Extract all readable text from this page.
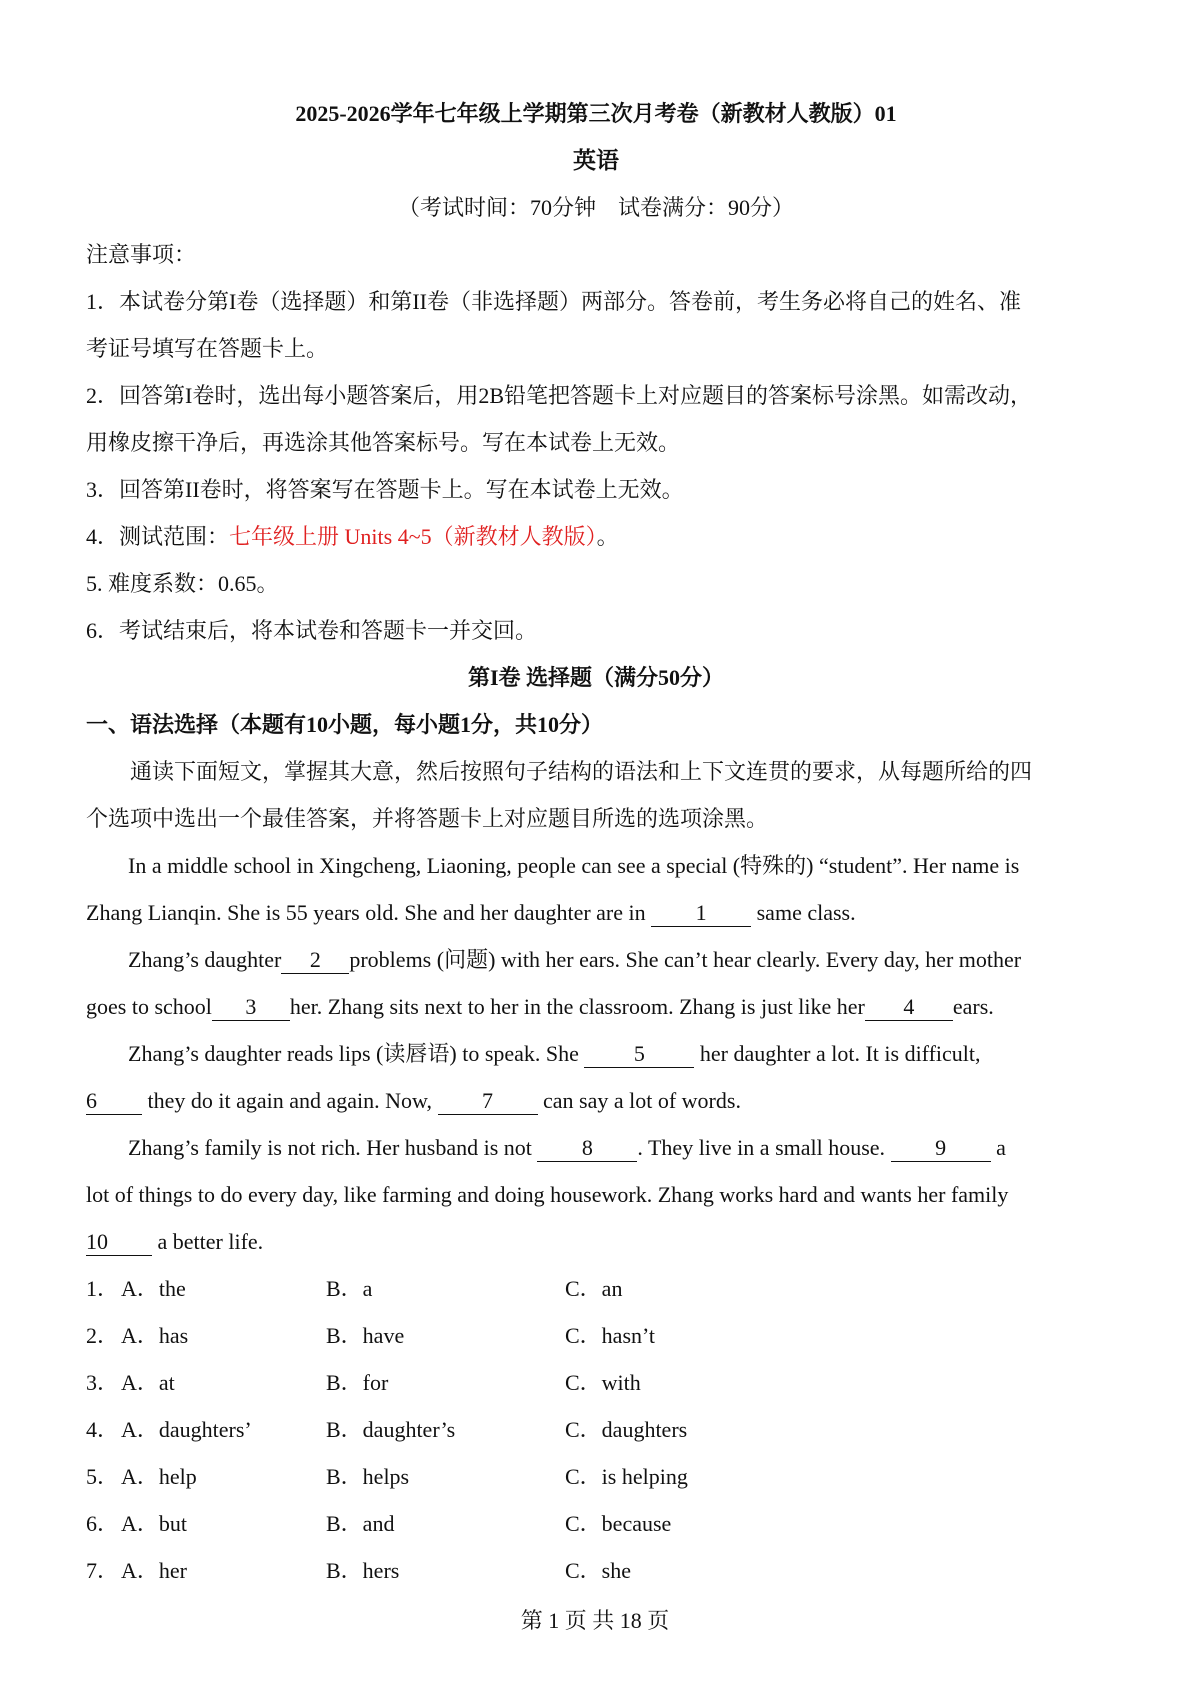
2025-2026学年七年级上学期第三次月考卷（新教材人教版）01
英语
（考试时间：70分钟　试卷满分：90分）
注意事项：
1．本试卷分第I卷（选择题）和第II卷（非选择题）两部分。答卷前，考生务必将自己的姓名、准
考证号填写在答题卡上。
2．回答第I卷时，选出每小题答案后，用2B铅笔把答题卡上对应题目的答案标号涂黑。如需改动，
用橡皮擦干净后，再选涂其他答案标号。写在本试卷上无效。
3．回答第II卷时，将答案写在答题卡上。写在本试卷上无效。
4．测试范围：七年级上册 Units 4~5（新教材人教版）。
5. 难度系数：0.65。
6．考试结束后，将本试卷和答题卡一并交回。
第I卷 选择题（满分50分）
一、语法选择（本题有10小题，每小题1分，共10分）
通读下面短文，掌握其大意，然后按照句子结构的语法和上下文连贯的要求，从每题所给的四
个选项中选出一个最佳答案，并将答题卡上对应题目所选的选项涂黑。
In a middle school in Xingcheng, Liaoning, people can see a special (特殊的) “student”. Her name is
Zhang Lianqin. She is 55 years old. She and her daughter are in 1 same class.
Zhang’s daughter 2 problems (问题) with her ears. She can’t hear clearly. Every day, her mother
goes to school 3 her. Zhang sits next to her in the classroom. Zhang is just like her 4 ears.
Zhang’s daughter reads lips (读唇语) to speak. She 5 her daughter a lot. It is difficult,
6 they do it again and again. Now, 7 can say a lot of words.
Zhang’s family is not rich. Her husband is not 8 . They live in a small house. 9 a
lot of things to do every day, like farming and doing housework. Zhang works hard and wants her family
10 a better life.
1． A．the	B．a	C．an
2． A．has	B．have	C．hasn’t
3． A．at	B．for	C．with
4． A．daughters’	B．daughter’s	C．daughters
5． A．help	B．helps	C．is helping
6． A．but	B．and	C．because
7． A．her	B．hers	C．she
第 1 页 共 18 页
